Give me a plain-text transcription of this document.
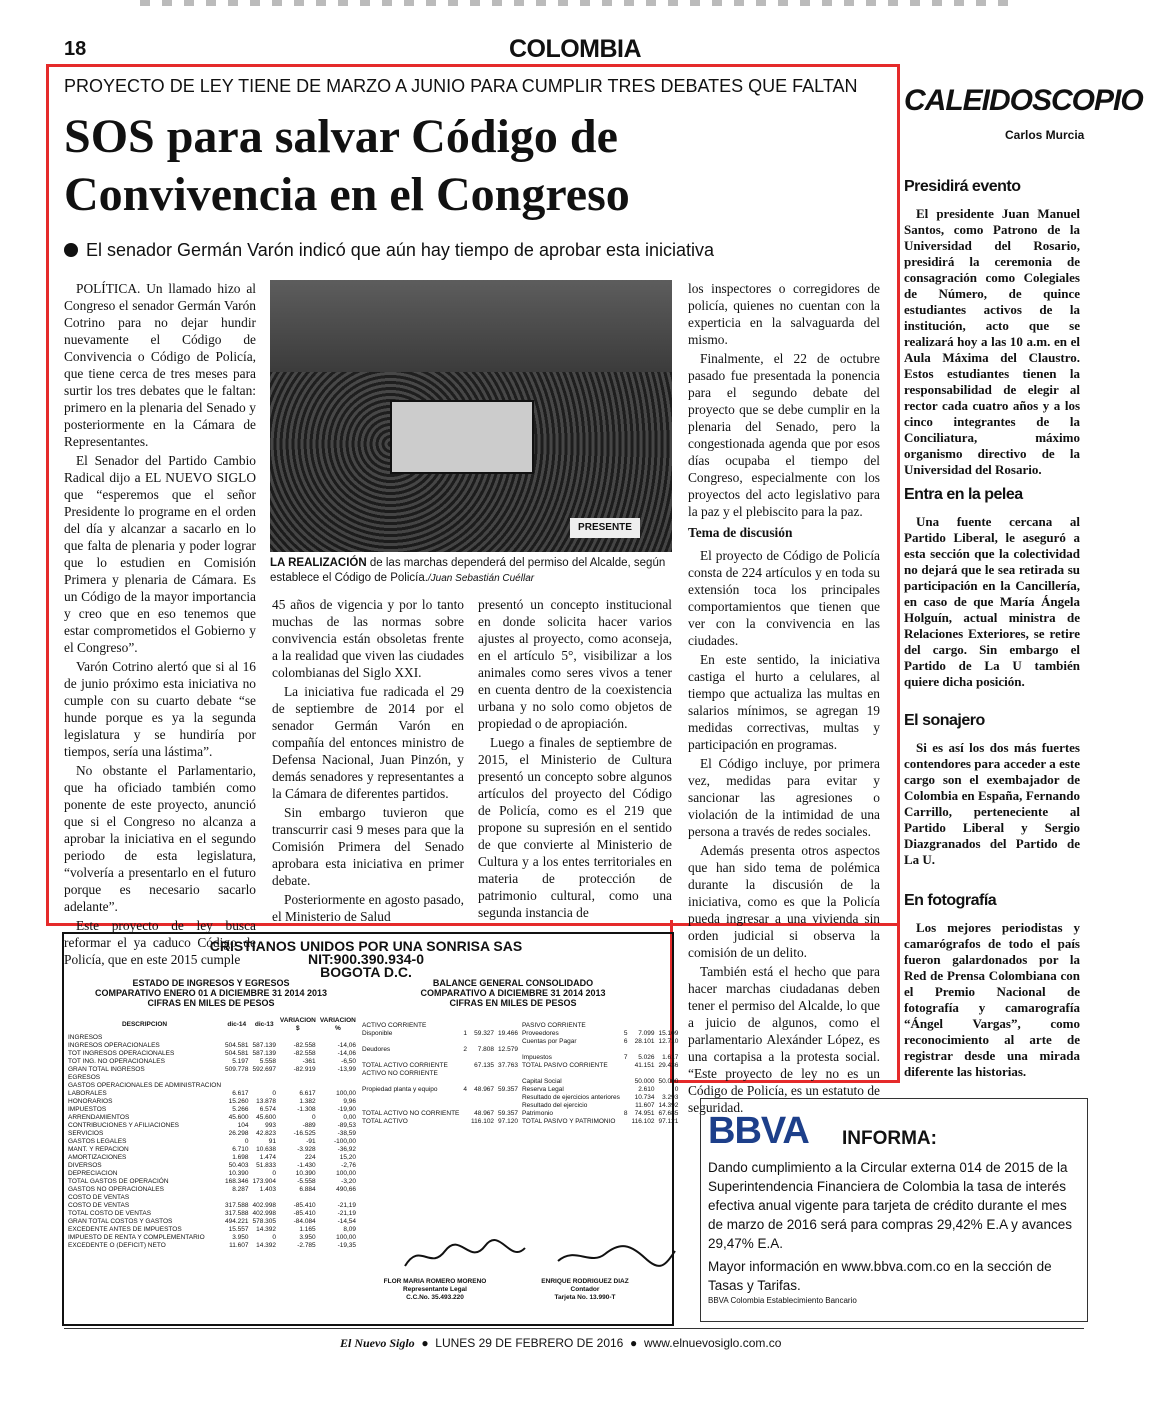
18	COLOMBIA
PROYECTO DE LEY TIENE DE MARZO A JUNIO PARA CUMPLIR TRES DEBATES QUE FALTAN
SOS para salvar Código de
Convivencia en el Congreso
El senador Germán Varón indicó que aún hay tiempo de aprobar esta iniciativa

POLÍTICA. Un llamado hizo al Congreso el senador Germán Varón Cotrino para no dejar hundir nuevamente el Código de Convivencia o Código de Policía, que tiene cerca de tres meses para surtir los tres debates que le faltan: primero en la plenaria del Senado y posteriormente en la Cámara de Representantes.

El Senador del Partido Cambio Radical dijo a EL NUEVO SIGLO que “esperemos que el señor Presidente lo programe en el orden del día y alcanzar a sacarlo en lo que falta de plenaria y poder lograr que lo estudien en Comisión Primera y plenaria de Cámara. Es un Código de la mayor importancia y creo que en eso tenemos que estar comprometidos el Gobierno y el Congreso”.

Varón Cotrino alertó que si al 16 de junio próximo esta iniciativa no cumple con su cuarto debate “se hunde porque es ya la segunda legislatura y se hundiría por tiempos, sería una lástima”.

No obstante el Parlamentario, que ha oficiado también como ponente de este proyecto, anunció que si el Congreso no alcanza a aprobar la iniciativa en el segundo periodo de esta legislatura, “volvería a presentarlo en el futuro porque es necesario sacarlo adelante”.

Este proyecto de ley busca reformar el ya caduco Código de Policía, que en este 2015 cumple

PRESENTE
LA REALIZACIÓN de las marchas dependerá del permiso del Alcalde, según establece el Código de Policía./Juan Sebastián Cuéllar

45 años de vigencia y por lo tanto muchas de las normas sobre convivencia están obsoletas frente a la realidad que viven las ciudades colombianas del Siglo XXI.

La iniciativa fue radicada el 29 de septiembre de 2014 por el senador Germán Varón en compañía del entonces ministro de Defensa Nacional, Juan Pinzón, y demás senadores y representantes a la Cámara de diferentes partidos.

Sin embargo tuvieron que transcurrir casi 9 meses para que la Comisión Primera del Senado aprobara esta iniciativa en primer debate.

Posteriormente en agosto pasado, el Ministerio de Salud

presentó un concepto institucional en donde solicita hacer varios ajustes al proyecto, como aconseja, en el artículo 5°, visibilizar a los animales como seres vivos a tener en cuenta dentro de la coexistencia urbana y no solo como objetos de propiedad o de apropiación.

Luego a finales de septiembre de 2015, el Ministerio de Cultura presentó un concepto sobre algunos artículos del proyecto del Código de Policía, como es el 219 que propone su supresión en el sentido de que convierte al Ministerio de Cultura y a los entes territoriales en materia de protección de patrimonio cultural, como una segunda instancia de

los inspectores o corregidores de policía, quienes no cuentan con la experticia en la salvaguarda del mismo.

Finalmente, el 22 de octubre pasado fue presentada la ponencia para el segundo debate del proyecto que se debe cumplir en la plenaria del Senado, pero la congestionada agenda que por esos días ocupaba el tiempo del Congreso, especialmente con los proyectos del acto legislativo para la paz y el plebiscito para la paz.

Tema de discusión

El proyecto de Código de Policía consta de 224 artículos y en toda su extensión toca los principales comportamientos que tienen que ver con la convivencia en las ciudades.

En este sentido, la iniciativa castiga el hurto a celulares, al tiempo que actualiza las multas en salarios mínimos, se agregan 19 medidas correctivas, multas y participación en programas.

El Código incluye, por primera vez, medidas para evitar y sancionar las agresiones o violación de la intimidad de una persona a través de redes sociales.

Además presenta otros aspectos que han sido tema de polémica durante la discusión de la iniciativa, como es que la Policía pueda ingresar a una vivienda sin orden judicial si observa la comisión de un delito.

También está el hecho que para hacer marchas ciudadanas deben tener el permiso del Alcalde, lo que a juicio de algunos, como el parlamentario Alexánder López, es una cortapisa a la protesta social. “Este proyecto de ley no es un Código de Policía, es un estatuto de seguridad.

CALEIDOSCOPIO
Carlos Murcia
Presidirá evento
El presidente Juan Manuel Santos, como Patrono de la Universidad del Rosario, presidirá la ceremonia de consagración como Colegiales de Número, de quince estudiantes activos de la institución, acto que se realizará hoy a las 10 a.m. en el Aula Máxima del Claustro. Estos estudiantes tienen la responsabilidad de elegir al rector cada cuatro años y a los cinco integrantes de la Conciliatura, máximo organismo directivo de la Universidad del Rosario.
Entra en la pelea
Una fuente cercana al Partido Liberal, le aseguró a esta sección que la colectividad no dejará que le sea retirada su participación en la Cancillería, en caso de que María Ángela Holguín, actual ministra de Relaciones Exteriores, se retire del cargo. Sin embargo el Partido de La U también quiere dicha posición.
El sonajero
Si es así los dos más fuertes contendores para acceder a este cargo son el exembajador de Colombia en España, Fernando Carrillo, perteneciente al Partido Liberal y Sergio Diazgranados del Partido de La U.
En fotografía
Los mejores periodistas y camarógrafos de todo el país fueron galardonados por la Red de Prensa Colombiana con el Premio Nacional de fotografía y camarografía “Ángel Vargas”, como reconocimiento al arte de registrar desde una mirada diferente las historias.
CRISTIANOS UNIDOS POR UNA SONRISA SAS
NIT:900.390.934-0
BOGOTA D.C.
ESTADO DE INGRESOS Y EGRESOS
COMPARATIVO ENERO 01 A DICIEMBRE 31 2014 2013
CIFRAS EN MILES DE PESOS
BALANCE GENERAL CONSOLIDADO
COMPARATIVO A DICIEMBRE 31 2014 2013
CIFRAS EN MILES DE PESOS
DESCRIPCION	dic-14	dic-13	VARIACION $	VARIACION %
INGRESOS				
INGRESOS OPERACIONALES	504.581	587.139	-82.558	-14,06
TOT INGRESOS OPERACIONALES	504.581	587.139	-82.558	-14,06
TOT ING. NO OPERACIONALES	5.197	5.558	-361	-6,50
GRAN TOTAL INGRESOS	509.778	592.697	-82.919	-13,99
EGRESOS				
GASTOS OPERACIONALES DE ADMINISTRACION				
LABORALES	6.617	0	6.617	100,00
HONORARIOS	15.260	13.878	1.382	9,96
IMPUESTOS	5.266	6.574	-1.308	-19,90
ARRENDAMIENTOS	45.600	45.600	0	0,00
CONTRIBUCIONES Y AFILIACIONES	104	993	-889	-89,53
SERVICIOS	26.298	42.823	-16.525	-38,59
GASTOS LEGALES	0	91	-91	-100,00
MANT. Y REPACION	6.710	10.638	-3.928	-36,92
AMORTIZACIONES	1.698	1.474	224	15,20
DIVERSOS	50.403	51.833	-1.430	-2,76
DEPRECIACION	10.390	0	10.390	100,00
TOTAL GASTOS DE OPERACIÓN	168.346	173.904	-5.558	-3,20
GASTOS NO OPERACIONALES	8.287	1.403	6.884	490,66
COSTO DE VENTAS				
COSTO DE VENTAS	317.588	402.998	-85.410	-21,19
TOTAL COSTO DE VENTAS	317.588	402.998	-85.410	-21,19
GRAN TOTAL COSTOS Y GASTOS	494.221	578.305	-84.084	-14,54
EXCEDENTE ANTES DE IMPUESTOS	15.557	14.392	1.165	8,09
IMPUESTO DE RENTA Y COMPLEMENTARIO	3.950	0	3.950	100,00
EXCEDENTE O (DEFICIT) NETO	11.607	14.392	-2.785	-19,35
ACTIVO CORRIENTE				PASIVO CORRIENTE			
Disponible	1	59.327	19.466	Proveedores	5	7.099	15.109
				Cuentas por Pagar	6	28.101	12.710
Deudores	2	7.808	12.579				
				Impuestos	7	5.026	1.617
TOTAL ACTIVO CORRIENTE		67.135	37.763	TOTAL PASIVO CORRIENTE		41.151	29.436
ACTIVO NO CORRIENTE							
				Capital Social		50.000	50.000
Propiedad planta y equipo	4	48.967	59.357	Reserva Legal		2.610	0
				Resultado de ejercicios anteriores		10.734	3.293
				Resultado del ejercicio		11.607	14.392
TOTAL ACTIVO NO CORRIENTE		48.967	59.357	Patrimonio	8	74.951	67.685
TOTAL ACTIVO		116.102	97.120	TOTAL PASIVO Y PATRIMONIO		116.102	97.121
FLOR MARIA ROMERO MORENO
Representante Legal
C.C.No. 35.493.220
ENRIQUE RODRIGUEZ DIAZ
Contador
Tarjeta No. 13.990-T
BBVA INFORMA:
Dando cumplimiento a la Circular externa 014 de 2015 de la Superintendencia Financiera de Colombia la tasa de interés efectiva anual vigente para tarjeta de crédito durante el mes de marzo de 2016 será para compras 29,42% E.A y avances 29,47% E.A.
Mayor información en www.bbva.com.co en la sección de Tasas y Tarifas.
BBVA Colombia Establecimiento Bancario
El Nuevo Siglo  ●  LUNES 29 DE FEBRERO DE 2016  ●  www.elnuevosiglo.com.co
